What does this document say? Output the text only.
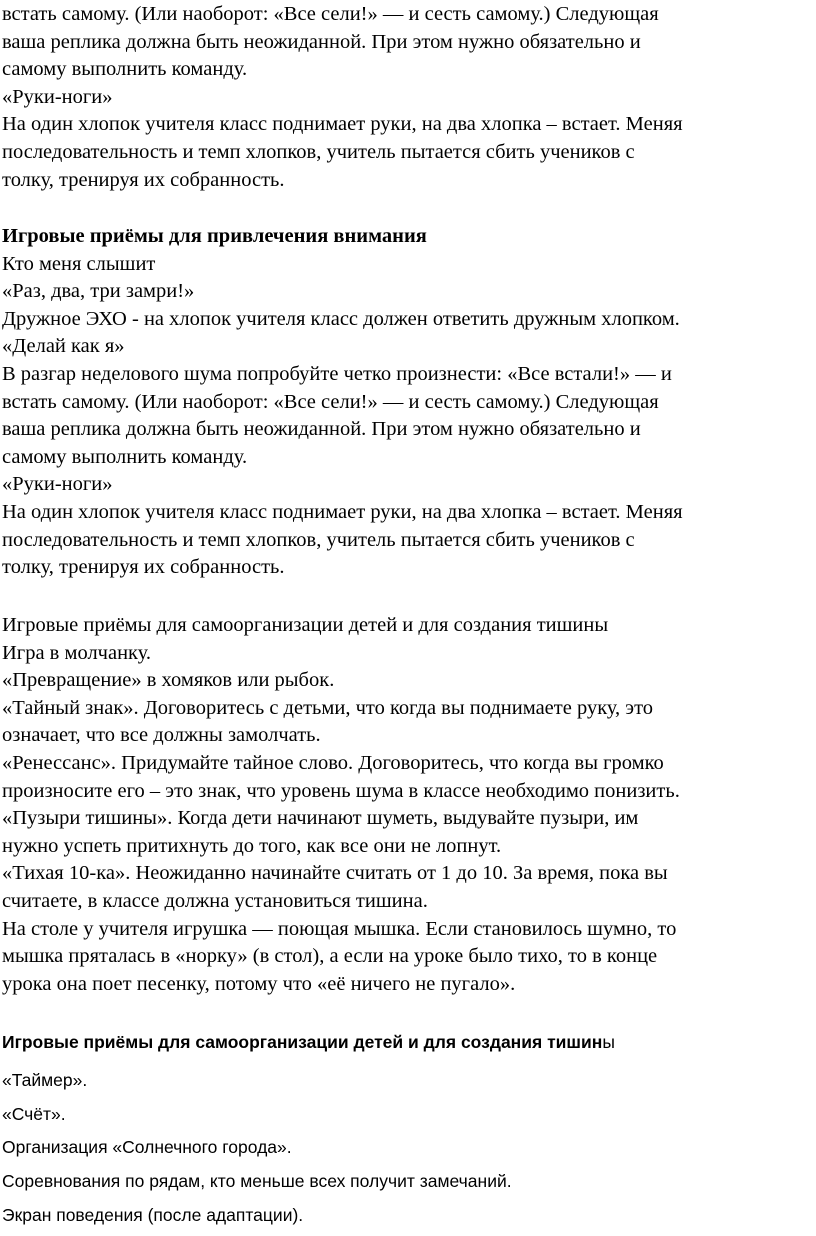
встать самому. (Или наоборот: «Все сели!» — и сесть самому.) Следующая

ваша реплика должна быть неожиданной. При этом нужно обязательно и

самому выполнить команду.

«Руки-ноги»

На один хлопок учителя класс поднимает руки, на два хлопка – встает. Меняя

последовательность и темп хлопков, учитель пытается сбить учеников с

толку, тренируя их собранность.

Игровые приёмы для привлечения внимания

Кто меня слышит

«Раз, два, три замри!»

Дружное ЭХО - на хлопок учителя класс должен ответить дружным хлопком.

«Делай как я»

В разгар неделового шума попробуйте четко произнести: «Все встали!» — и

встать самому. (Или наоборот: «Все сели!» — и сесть самому.) Следующая

ваша реплика должна быть неожиданной. При этом нужно обязательно и

самому выполнить команду.

«Руки-ноги»

На один хлопок учителя класс поднимает руки, на два хлопка – встает. Меняя

последовательность и темп хлопков, учитель пытается сбить учеников с

толку, тренируя их собранность.

Игровые приёмы для самоорганизации детей и для создания тишины

Игра в молчанку.

«Превращение» в хомяков или рыбок.

«Тайный знак». Договоритесь с детьми, что когда вы поднимаете руку, это

означает, что все должны замолчать.

«Ренессанс». Придумайте тайное слово. Договоритесь, что когда вы громко

произносите его – это знак, что уровень шума в классе необходимо понизить.

«Пузыри тишины». Когда дети начинают шуметь, выдувайте пузыри, им

нужно успеть притихнуть до того, как все они не лопнут.

«Тихая 10-ка». Неожиданно начинайте считать от 1 до 10. За время, пока вы

считаете, в классе должна установиться тишина.

На столе у учителя игрушка — поющая мышка. Если становилось шумно, то

мышка пряталась в «норку» (в стол), а если на уроке было тихо, то в конце

урока она поет песенку, потому что «её ничего не пугало».

Игровые приёмы для самоорганизации детей и для создания тишины

«Таймер».

«Счёт».

Организация «Солнечного города».

Соревнования по рядам, кто меньше всех получит замечаний.

Экран поведения (после адаптации).
